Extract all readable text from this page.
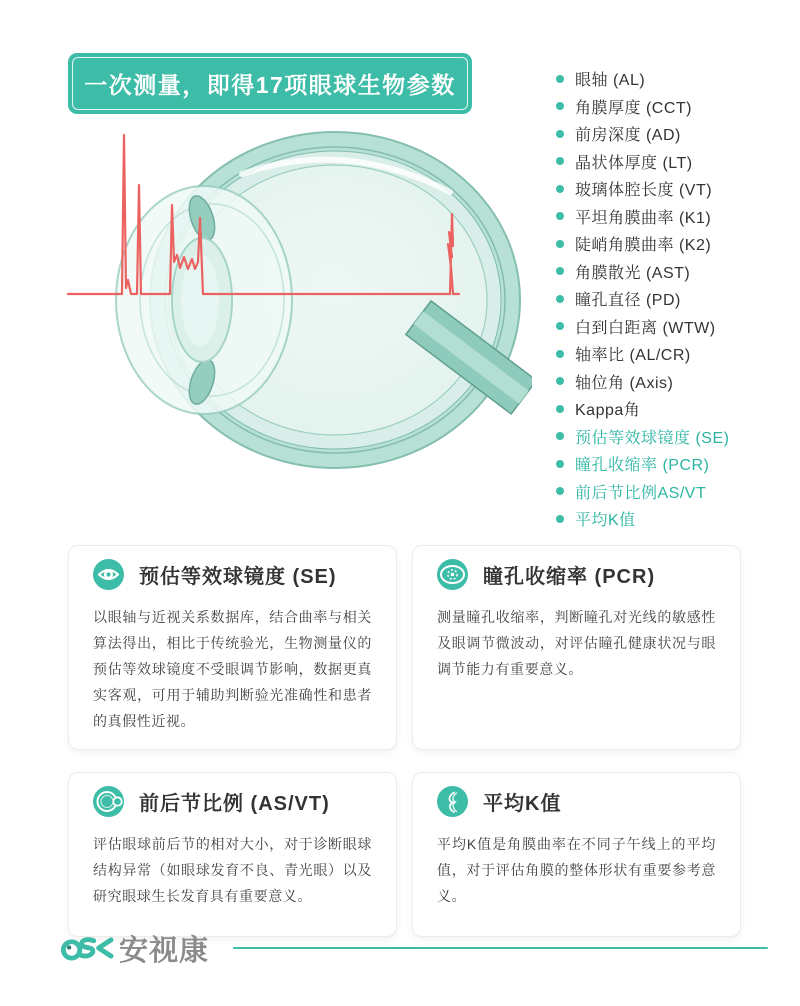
一次测量，即得17项眼球生物参数	眼轴 (AL)
角膜厚度 (CCT)
前房深度 (AD)
晶状体厚度 (LT)
玻璃体腔长度 (VT)
平坦角膜曲率 (K1)
陡峭角膜曲率 (K2)
角膜散光 (AST)
瞳孔直径 (PD)
白到白距离 (WTW)
轴率比 (AL/CR)
轴位角 (Axis)
Kappa角
预估等效球镜度 (SE)
瞳孔收缩率 (PCR)
前后节比例AS/VT
平均K值
预估等效球镜度 (SE)

以眼轴与近视关系数据库，结合曲率与相关算法得出，相比于传统验光，生物测量仪的预估等效球镜度不受眼调节影响，数据更真实客观，可用于辅助判断验光准确性和患者的真假性近视。

瞳孔收缩率 (PCR)

测量瞳孔收缩率，判断瞳孔对光线的敏感性及眼调节微波动，对评估瞳孔健康状况与眼调节能力有重要意义。

前后节比例 (AS/VT)

评估眼球前后节的相对大小，对于诊断眼球结构异常（如眼球发育不良、青光眼）以及研究眼球生长发育具有重要意义。

平均K值

平均K值是角膜曲率在不同子午线上的平均值，对于评估角膜的整体形状有重要参考意义。

安视康
